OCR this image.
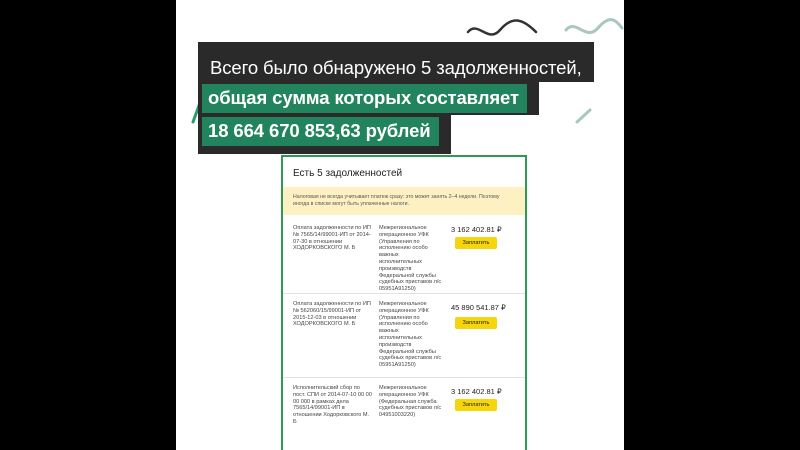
Всего было обнаружено 5 задолженностей,
общая сумма которых составляет
18 664 670 853,63 рублей
Есть 5 задолженностей
Налоговая не всегда учитывает платеж сразу: это может занять 2–4 недели. Поэтому иногда в списке могут быть уплаченные налоги.
Оплата задолженности по ИП № 7565/14/99001-ИП от 2014-07-30 в отношении ХОДОРКОВСКОГО М. Б
Межрегиональное операционное УФК (Управления по исполнению особо важных исполнительных производств Федеральной службы судебных приставов л/с 05951А91250)
3 162 402.81 ₽
Заплатить
Оплата задолженности по ИП № 562060/15/99001-ИП от 2015-12-03 в отношении ХОДОРКОВСКОГО М. Б
Межрегиональное операционное УФК (Управления по исполнению особо важных исполнительных производств Федеральной службы судебных приставов л/с 05951А91250)
45 890 541.87 ₽
Заплатить
Исполнительский сбор по пост. СПИ от 2014-07-10 00 00 00 000 в рамках дела 7565/14/99001-ИП в отношении Ходорковского М. Б
Межрегиональное операционное УФК (Федеральная служба судебных приставов л/с 04951003220)
3 162 402.81 ₽
Заплатить
